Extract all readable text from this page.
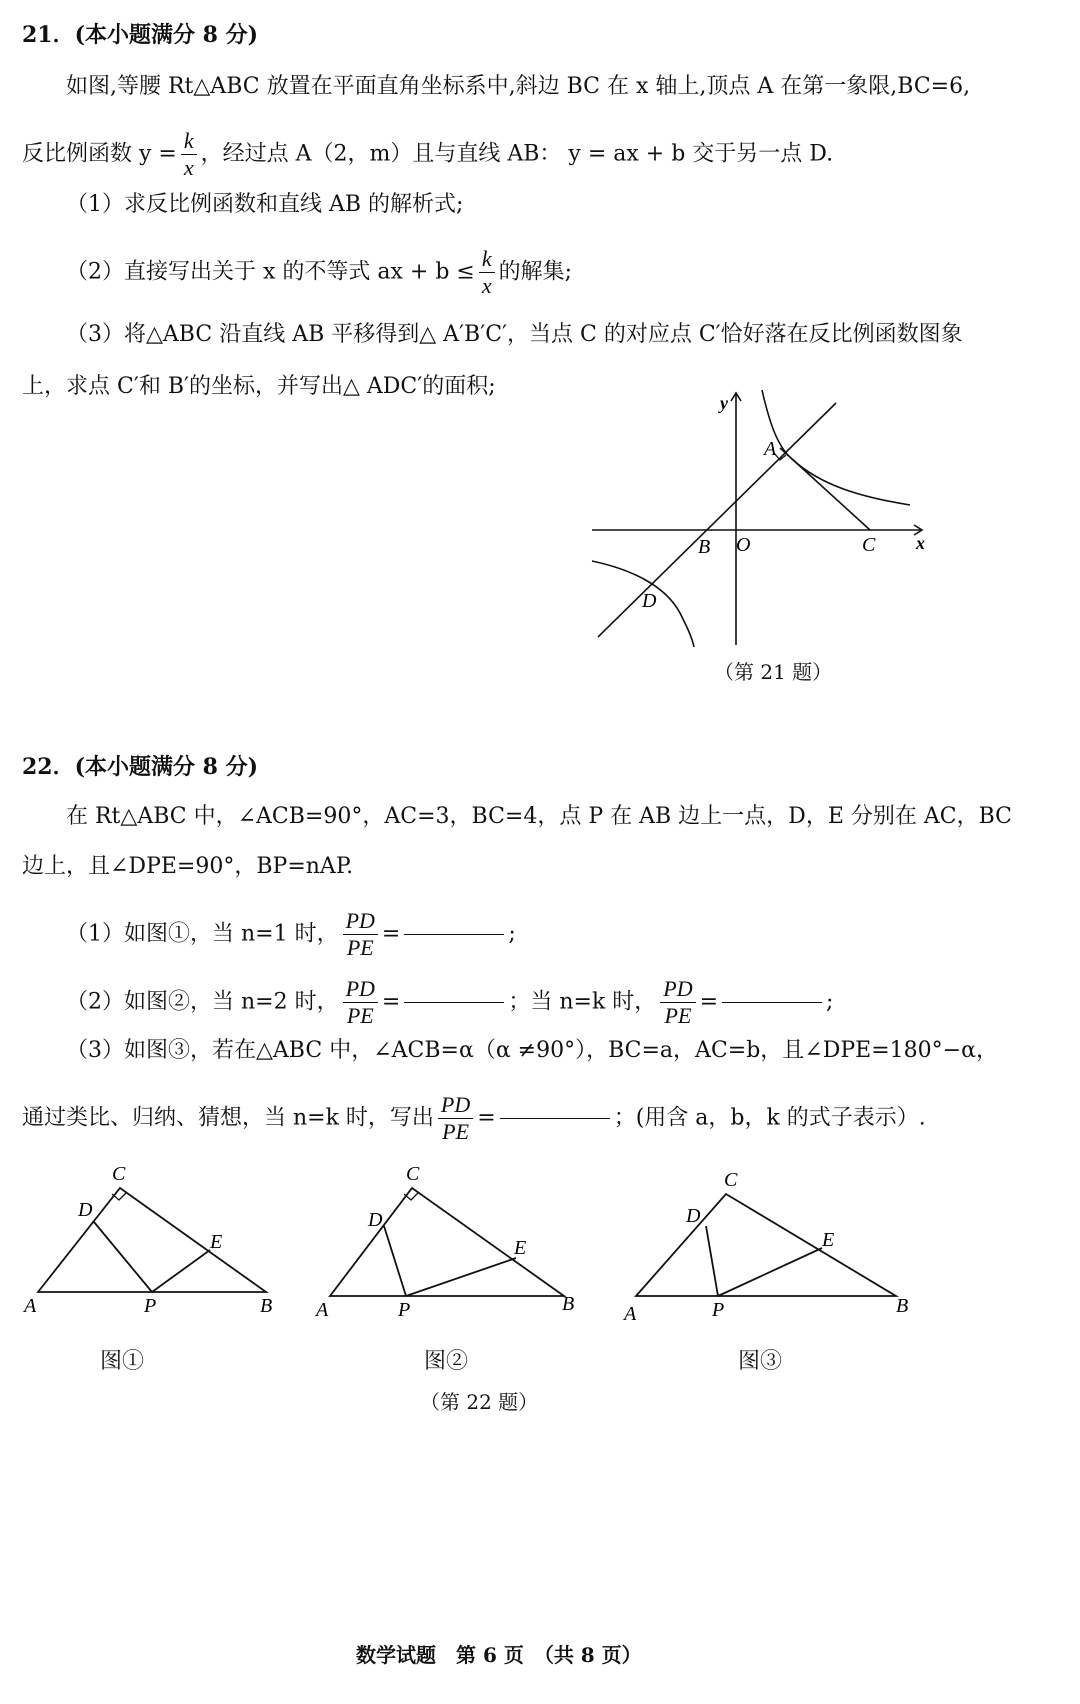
21．(本小题满分 8 分)
如图,等腰 Rt△ABC 放置在平面直角坐标系中,斜边 BC 在 x 轴上,顶点 A 在第一象限,BC=6,
反比例函数 $y = \frac{k}{x}$ ，经过点 A（2，m）且与直线 AB： y = ax + b 交于另一点 D.
（1）求反比例函数和直线 AB 的解析式;
（2）直接写出关于 x 的不等式 ax + $b \le \frac{k}{x}$ 的解集;
（3）将△ABC 沿直线 AB 平移得到△ A′B′C′，当点 C 的对应点 C′恰好落在反比例函数图象
上，求点 C′和 B′的坐标，并写出△ ADC′的面积;
y
x
A
B O	C
D
（第 21 题）
22．(本小题满分 8 分)
在 Rt△ABC 中，∠ACB=90°，AC=3，BC=4，点 P 在 AB 边上一点，D，E 分别在 AC，BC
边上，且∠DPE=90°，BP=nAP.
（1）如图①，当 n=1 时， $\frac{PD}{PE}$ =	;
（2）如图②，当 n=2 时， $\frac{PD}{PE}$ =	；当 n=k 时， $\frac{PD}{PE}$ =	;
（3）如图③，若在△ABC 中，∠ACB=α（α ≠90°），BC=a，AC=b，且∠DPE=180°−α，
通过类比、归纳、猜想，当 n=k 时，写出 $\frac{PD}{PE}$ =	；(用含 a，b，k 的式子表示）.
C
D
E
A	P	B
图①
C
D
E
A	P	B
图②
C
D
E
A	P	B
图③
（第 22 题）
数学试题　第 6 页　（共 8 页）
